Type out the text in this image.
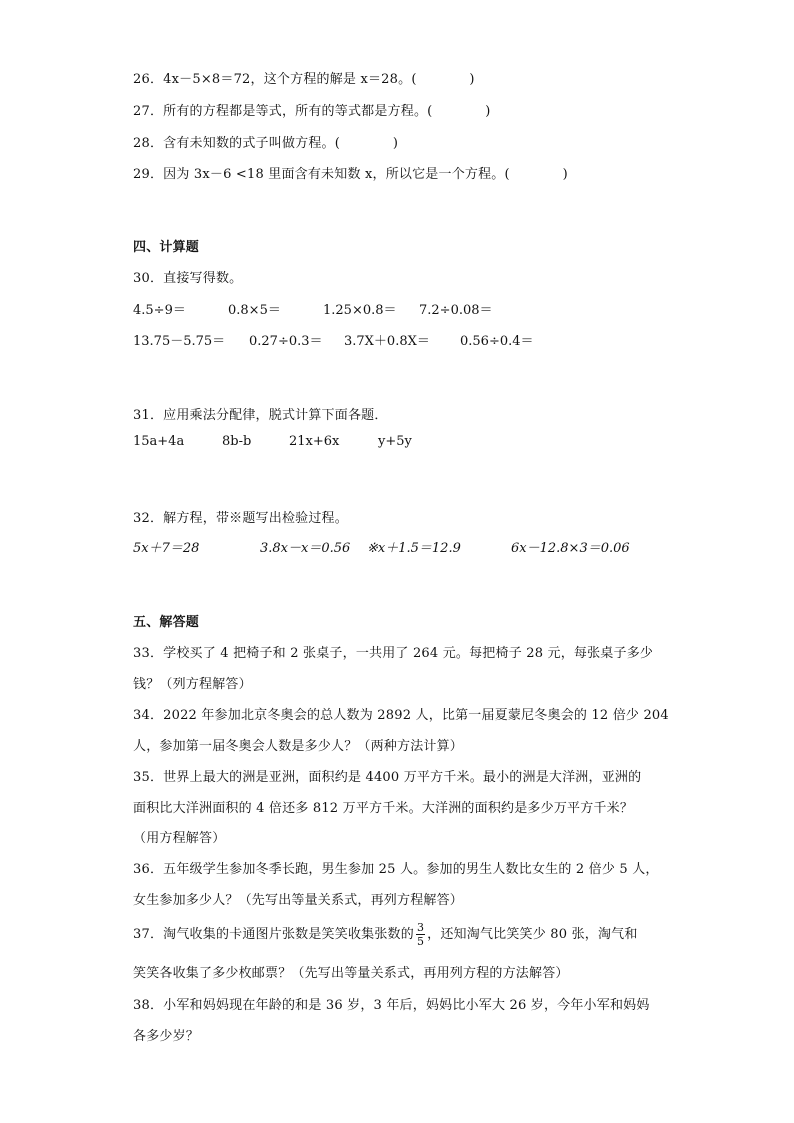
26．4x－5×8＝72，这个方程的解是 x＝28。(　　　　)
27．所有的方程都是等式，所有的等式都是方程。(　　　　)
28．含有未知数的式子叫做方程。(　　　　)
29．因为 3x－6 <18 里面含有未知数 x，所以它是一个方程。(　　　　)
四、计算题
30．直接写得数。
4.5÷9＝	0.8×5＝	1.25×0.8＝ 7.2÷0.08＝
13.75－5.75＝ 0.27÷0.3＝ 3.7X＋0.8X＝ 0.56÷0.4＝
31．应用乘法分配律，脱式计算下面各题．
15a+4a	8b-b	21x+6x	y+5y
32．解方程，带※题写出检验过程。
5x＋7＝28	3.8x－x＝0.56 ※x＋1.5＝12.9	6x－12.8×3＝0.06
五、解答题
33．学校买了 4 把椅子和 2 张桌子，一共用了 264 元。每把椅子 28 元，每张桌子多少
钱？（列方程解答）
34．2022 年参加北京冬奥会的总人数为 2892 人，比第一届夏蒙尼冬奥会的 12 倍少 204
人，参加第一届冬奥会人数是多少人？（两种方法计算）
35．世界上最大的洲是亚洲，面积约是 4400 万平方千米。最小的洲是大洋洲，亚洲的
面积比大洋洲面积的 4 倍还多 812 万平方千米。大洋洲的面积约是多少万平方千米？
（用方程解答）
36．五年级学生参加冬季长跑，男生参加 25 人。参加的男生人数比女生的 2 倍少 5 人，
女生参加多少人？（先写出等量关系式，再列方程解答）
37．淘气收集的卡通图片张数是笑笑收集张数的 $\frac{3}{5}$ ，还知淘气比笑笑少 80 张，淘气和
笑笑各收集了多少枚邮票？（先写出等量关系式，再用列方程的方法解答）
38．小军和妈妈现在年龄的和是 36 岁，3 年后，妈妈比小军大 26 岁，今年小军和妈妈
各多少岁？
